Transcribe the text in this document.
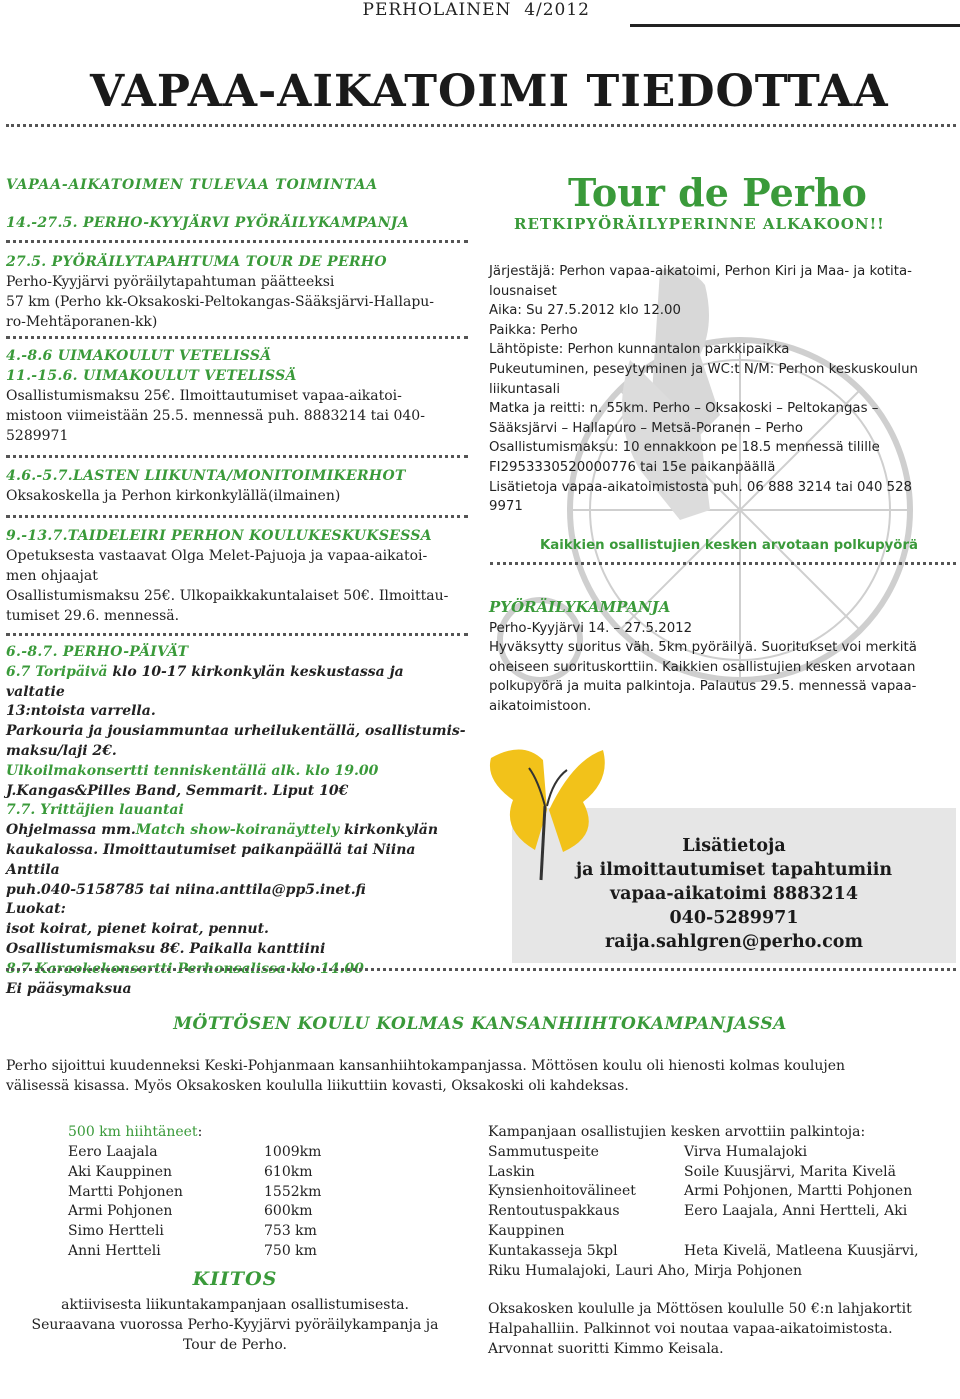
PERHOLAINEN 4/2012
VAPAA-AIKATOIMI TIEDOTTAA
VAPAA-AIKATOIMEN TULEVAA TOIMINTAA
14.-27.5. PERHO-KYYJÄRVI PYÖRÄILYKAMPANJA
27.5. PYÖRÄILYTAPAHTUMA TOUR DE PERHO
Perho-Kyyjärvi pyöräilytapahtuman päätteeksi
57 km (Perho kk-Oksakoski-Peltokangas-Sääksjärvi-Hallapu-
ro-Mehtäporanen-kk)
4.-8.6 UIMAKOULUT VETELISSÄ
11.-15.6. UIMAKOULUT VETELISSÄ
Osallistumismaksu 25€. Ilmoittautumiset vapaa-aikatoi-
mistoon viimeistään 25.5. mennessä puh. 8883214 tai 040-
5289971
4.6.-5.7.LASTEN LIIKUNTA/MONITOIMIKERHOT
Oksakoskella ja Perhon kirkonkylällä(ilmainen)
9.-13.7.TAIDELEIRI PERHON KOULUKESKUKSESSA
Opetuksesta vastaavat Olga Melet-Pajuoja ja vapaa-aikatoi-
men ohjaajat
Osallistumismaksu 25€. Ulkopaikkakuntalaiset 50€. Ilmoittau-
tumiset 29.6. mennessä.
6.-8.7. PERHO-PÄIVÄT
6.7 Toripäivä klo 10-17 kirkonkylän keskustassa ja valtatie
13:ntoista varrella.
Parkouria ja jousiammuntaa urheilukentällä, osallistumis-
maksu/laji 2€.
Ulkoilmakonsertti tenniskentällä alk. klo 19.00
J.Kangas&Pilles Band, Semmarit. Liput 10€
7.7. Yrittäjien lauantai
Ohjelmassa mm.Match show-koiranäyttely kirkonkylän
kaukalossa. Ilmoittautumiset paikanpäällä tai Niina Anttila
puh.040-5158785 tai niina.anttila@pp5.inet.fi
Luokat:
isot koirat, pienet koirat, pennut.
Osallistumismaksu 8€. Paikalla kanttiini
8.7 Karaokekonsertti Perhonsalissa klo 14.00
Ei pääsymaksua
Tour de Perho
RETKIPYÖRÄILYPERINNE ALKAKOON!!
Järjestäjä: Perhon vapaa-aikatoimi, Perhon Kiri ja Maa- ja kotita-
lousnaiset
Aika: Su 27.5.2012 klo 12.00
Paikka: Perho
Lähtöpiste: Perhon kunnantalon parkkipaikka
Pukeutuminen, peseytyminen ja WC:t N/M: Perhon keskuskoulun
liikuntasali
Matka ja reitti: n. 55km. Perho – Oksakoski – Peltokangas –
Sääksjärvi – Hallapuro – Metsä-Poranen – Perho
Osallistumismaksu: 10 ennakkoon pe 18.5 mennessä tilille
FI2953330520000776 tai 15e paikanpäällä
Lisätietoja vapaa-aikatoimistosta puh. 06 888 3214 tai 040 528
9971
Kaikkien osallistujien kesken arvotaan polkupyörä
PYÖRÄILYKAMPANJA
Perho-Kyyjärvi 14. – 27.5.2012
Hyväksytty suoritus väh. 5km pyöräilyä. Suoritukset voi merkitä
oheiseen suorituskorttiin. Kaikkien osallistujien kesken arvotaan
polkupyörä ja muita palkintoja. Palautus 29.5. mennessä vapaa-
aikatoimistoon.
Lisätietoja
ja ilmoittautumiset tapahtumiin
vapaa-aikatoimi 8883214
040-5289971
raija.sahlgren@perho.com
MÖTTÖSEN KOULU KOLMAS KANSANHIIHTOKAMPANJASSA
Perho sijoittui kuudenneksi Keski-Pohjanmaan kansanhiihtokampanjassa. Möttösen koulu oli hienosti kolmas koulujen
välisessä kisassa. Myös Oksakosken koululla liikuttiin kovasti, Oksakoski oli kahdeksas.
500 km hiihtäneet:
Eero Laajala	1009km
Aki Kauppinen	610km
Martti Pohjonen	1552km
Armi Pohjonen	600km
Simo Hertteli	753 km
Anni Hertteli	750 km
KIITOS
aktiivisesta liikuntakampanjaan osallistumisesta.
Seuraavana vuorossa Perho-Kyyjärvi pyöräilykampanja ja
Tour de Perho.
Kampanjaan osallistujien kesken arvottiin palkintoja:
Sammutuspeite	Virva Humalajoki
Laskin	Soile Kuusjärvi, Marita Kivelä
Kynsienhoitovälineet	Armi Pohjonen, Martti Pohjonen
Rentoutuspakkaus	Eero Laajala, Anni Hertteli, Aki
Kauppinen
Kuntakasseja 5kpl	Heta Kivelä, Matleena Kuusjärvi,
Riku Humalajoki, Lauri Aho, Mirja Pohjonen
Oksakosken koululle ja Möttösen koululle 50 €:n lahjakortit
Halpahalliin. Palkinnot voi noutaa vapaa-aikatoimistosta.
Arvonnat suoritti Kimmo Keisala.
